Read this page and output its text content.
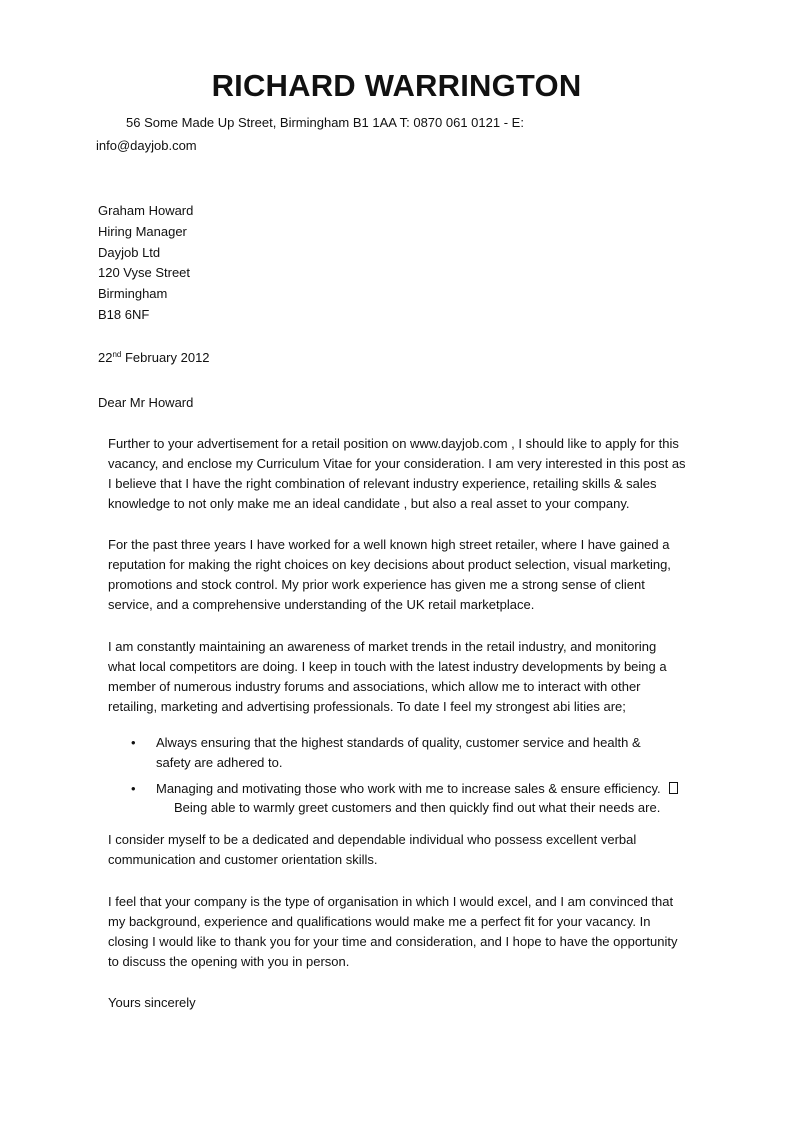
RICHARD WARRINGTON
56 Some Made Up Street, Birmingham B1 1AA T: 0870 061 0121 - E:
info@dayjob.com
Graham Howard
Hiring Manager
Dayjob Ltd
120 Vyse Street
Birmingham
B18 6NF
22nd February 2012
Dear Mr Howard
Further to your advertisement for a retail position on www.dayjob.com , I should like to apply for this
vacancy, and enclose my Curriculum Vitae for your consideration. I am very interested in this post as
I believe that I have the right combination of relevant industry experience, retailing skills & sales
knowledge to not only make me an ideal candidate , but also a real asset to your company.
For the past three years I have worked for a well known high street retailer, where I have gained a
reputation for making the right choices on key decisions about product selection, visual marketing,
promotions and stock control. My prior work experience has given me a strong sense of client
service, and a comprehensive understanding of the UK retail marketplace.
I am constantly maintaining an awareness of market trends in the retail industry, and monitoring
what local competitors are doing. I keep in touch with the latest industry developments by being a
member of numerous industry forums and associations, which allow me to interact with other
retailing, marketing and advertising professionals. To date I feel my strongest abi lities are;
• Always ensuring that the highest standards of quality, customer service and health &
safety are adhered to.
• Managing and motivating those who work with me to increase sales & ensure efficiency.
Being able to warmly greet customers and then quickly find out what their needs are.
I consider myself to be a dedicated and dependable individual who possess excellent verbal
communication and customer orientation skills.
I feel that your company is the type of organisation in which I would excel, and I am convinced that
my background, experience and qualifications would make me a perfect fit for your vacancy. In
closing I would like to thank you for your time and consideration, and I hope to have the opportunity
to discuss the opening with you in person.
Yours sincerely
